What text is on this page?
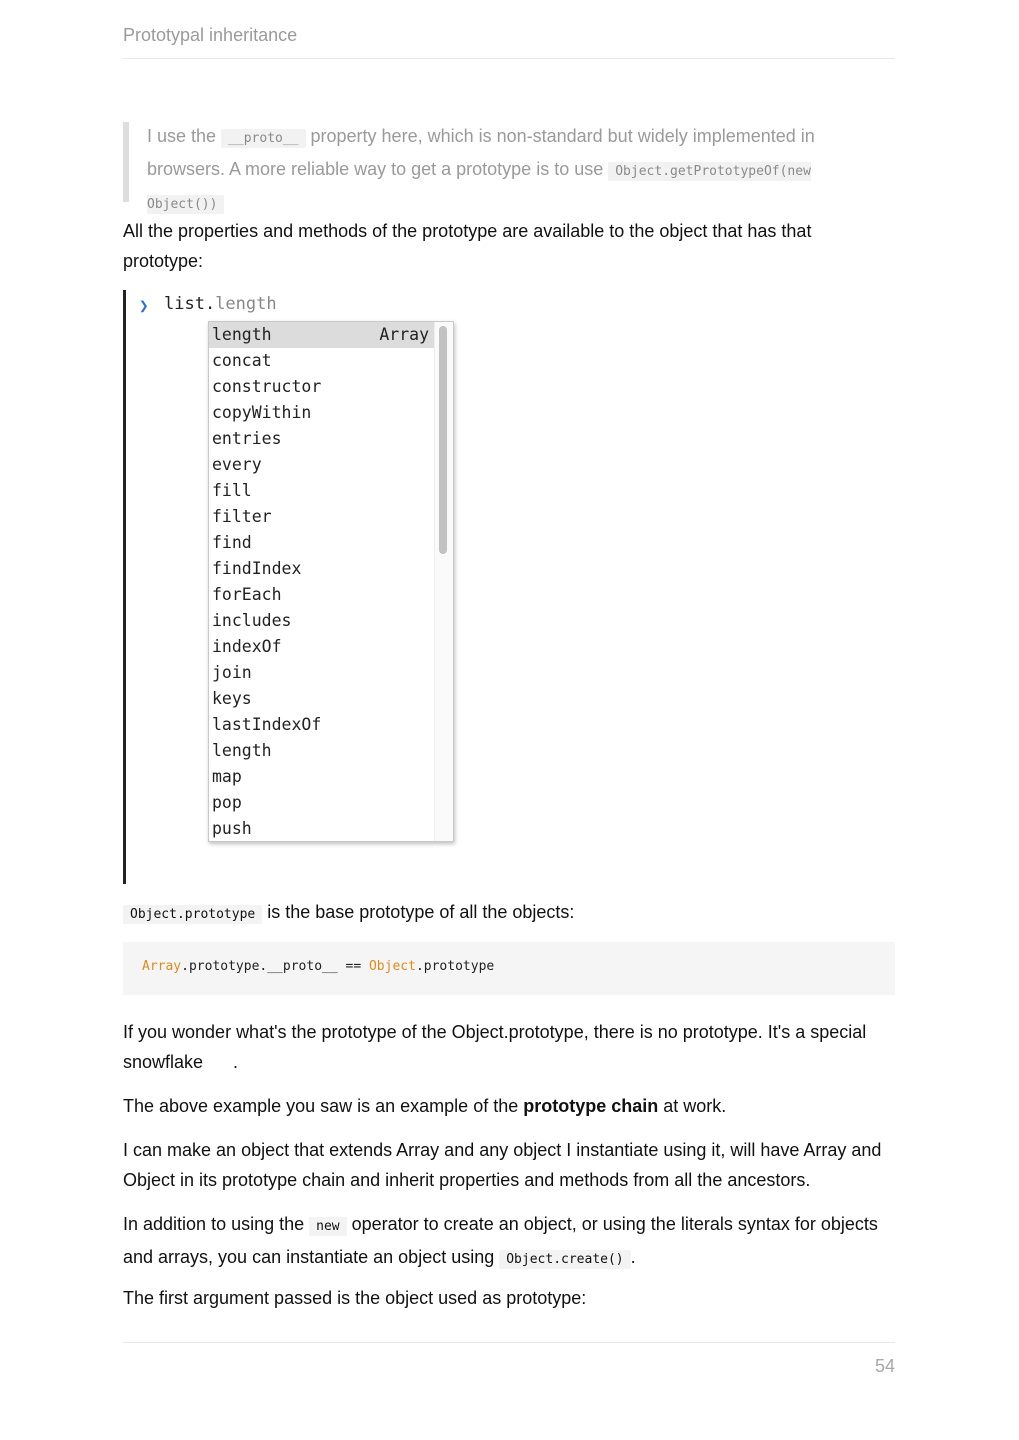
Prototypal inheritance

I use the __proto__ property here, which is non-standard but widely implemented in browsers. A more reliable way to get a prototype is to use Object.getPrototypeOf(new Object())

All the properties and methods of the prototype are available to the object that has that prototype:

❯ list.length
length	Array
concat
constructor
copyWithin
entries
every
fill
filter
find
findIndex
forEach
includes
indexOf
join
keys
lastIndexOf
length
map
pop
push

Object.prototype is the base prototype of all the objects:

Array.prototype.__proto__ == Object.prototype

If you wonder what's the prototype of the Object.prototype, there is no prototype. It's a special snowflake      .

The above example you saw is an example of the prototype chain at work.

I can make an object that extends Array and any object I instantiate using it, will have Array and Object in its prototype chain and inherit properties and methods from all the ancestors.

In addition to using the new operator to create an object, or using the literals syntax for objects and arrays, you can instantiate an object using Object.create() .

The first argument passed is the object used as prototype:

54
